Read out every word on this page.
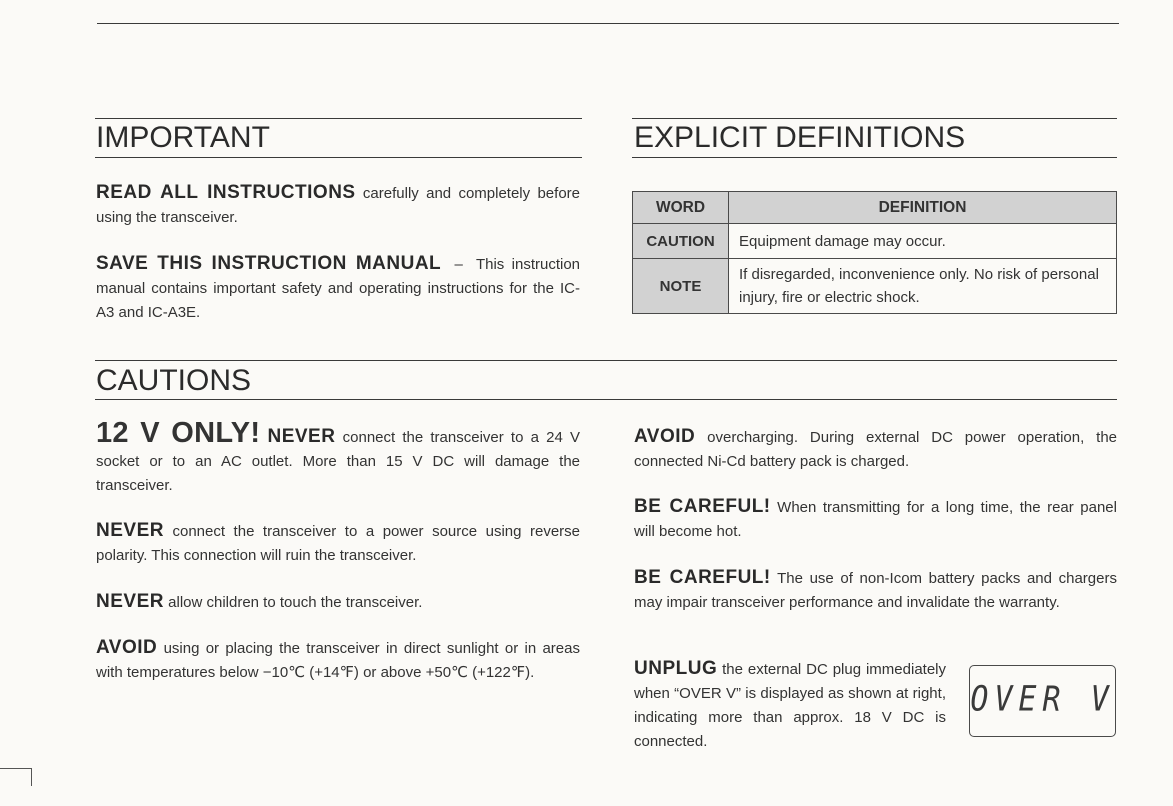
IMPORTANT
READ ALL INSTRUCTIONS carefully and completely before using the transceiver.
SAVE THIS INSTRUCTION MANUAL – This instruction manual contains important safety and operating instructions for the IC-A3 and IC-A3E.
EXPLICIT DEFINITIONS
WORD	DEFINITION
CAUTION	Equipment damage may occur.
NOTE	If disregarded, inconvenience only. No risk of personal injury, fire or electric shock.
CAUTIONS
12 V ONLY! NEVER connect the transceiver to a 24 V socket or to an AC outlet. More than 15 V DC will damage the transceiver.
NEVER connect the transceiver to a power source using reverse polarity. This connection will ruin the transceiver.
NEVER allow children to touch the transceiver.
AVOID using or placing the transceiver in direct sunlight or in areas with temperatures below −10℃ (+14℉) or above +50℃ (+122℉).
AVOID overcharging. During external DC power operation, the connected Ni-Cd battery pack is charged.
BE CAREFUL! When transmitting for a long time, the rear panel will become hot.
BE CAREFUL! The use of non-Icom battery packs and chargers may impair transceiver performance and invalidate the warranty.
UNPLUG the external DC plug immediately when “OVER V” is displayed as shown at right, indicating more than approx. 18 V DC is connected.
OVER V
